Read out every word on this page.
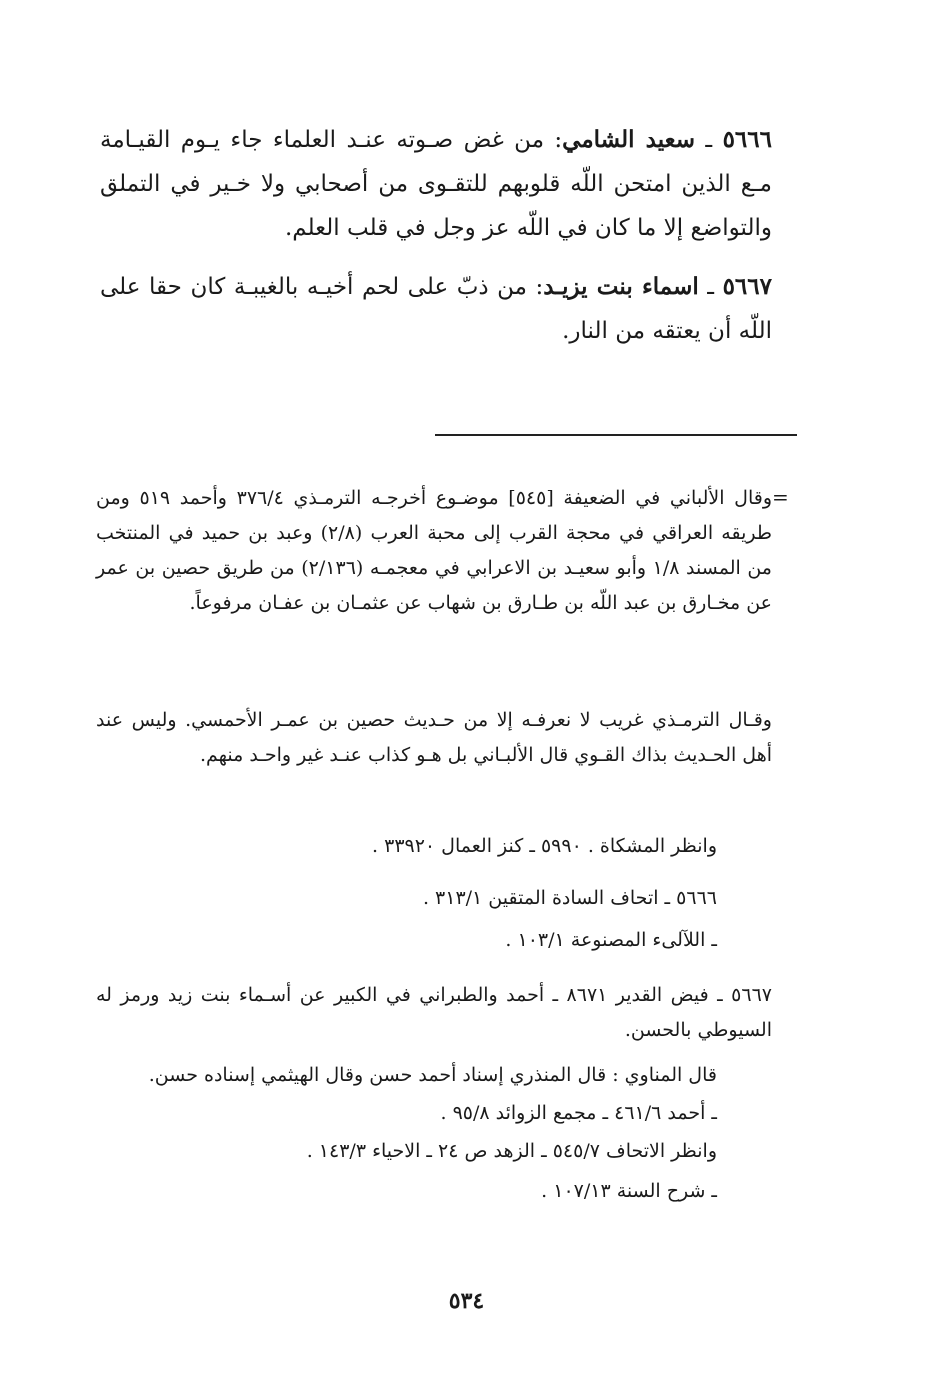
٥٦٦٦ ـ سعيد الشامي: من غض صـوته عنـد العلماء جاء يـوم القيـامة مـع الذين امتحن اللّه قلوبهم للتقـوى من أصحابي ولا خـير في التملق والتواضع إلا ما كان في اللّه عز وجل في قلب العلم.

٥٦٦٧ ـ اسماء بنت يزيـد: من ذبّ على لحم أخيـه بالغيبـة كان حقا على اللّه أن يعتقه من النار.

=

وقال الألباني في الضعيفة [٥٤٥] موضـوع أخرجـه الترمـذي ٣٧٦/٤ وأحمد ٥١٩ ومن طريقه العراقي في محجة القرب إلى محبة العرب (٢/٨) وعبد بن حميد في المنتخب من المسند ١/٨ وأبو سعيـد بن الاعرابي في معجمـه (٢/١٣٦) من طريق حصين بن عمر عن مخـارق بن عبد اللّه بن طـارق بن شهاب عن عثمـان بن عفـان مرفوعاً.

وقـال الترمـذي غريب لا نعرفـه إلا من حـديث حصين بن عمـر الأحمسي. وليس عند أهل الحـديث بذاك القـوي قال الألبـاني بل هـو كذاب عنـد غير واحـد منهم.

وانظر المشكاة . ٥٩٩٠ ـ كنز العمال ٣٣٩٢٠ .
٥٦٦٦ ـ اتحاف السادة المتقين ٣١٣/١ .
ـ اللآلىء المصنوعة ١٠٣/١ .

٥٦٦٧ ـ فيض القدير ٨٦٧١ ـ أحمد والطبراني في الكبير عن أسـماء بنت زيد ورمز له السيوطي بالحسن.

قال المناوي : قال المنذري إسناد أحمد حسن وقال الهيثمي إسناده حسن.
ـ أحمد ٤٦١/٦ ـ مجمع الزوائد ٩٥/٨ .
وانظر الاتحاف ٥٤٥/٧ ـ الزهد ص ٢٤ ـ الاحياء ١٤٣/٣ .
ـ شرح السنة ١٠٧/١٣ .
٥٣٤
